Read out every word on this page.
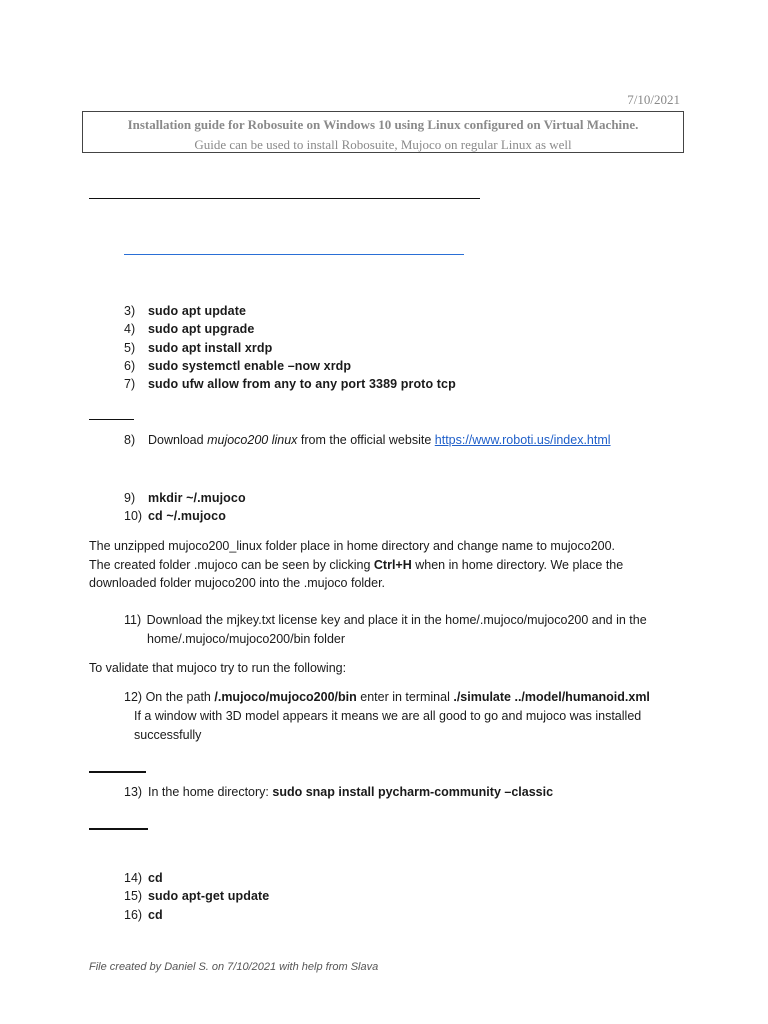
7/10/2021
Installation guide for Robosuite on Windows 10 using Linux configured on Virtual Machine.
Guide can be used to install Robosuite, Mujoco on regular Linux as well
3)	sudo apt update
4)	sudo apt upgrade
5)	sudo apt install xrdp
6)	sudo systemctl enable –now xrdp
7)	sudo ufw allow from any to any port 3389 proto tcp
8)	Download mujoco200 linux from the official website https://www.roboti.us/index.html
9)	mkdir ~/.mujoco
10) cd ~/.mujoco
The unzipped mujoco200_linux folder place in home directory and change name to mujoco200.
The created folder .mujoco can be seen by clicking Ctrl+H when in home directory. We place the
downloaded folder mujoco200 into the .mujoco folder.
11) Download the mjkey.txt license key and place it in the home/.mujoco/mujoco200 and in the
home/.mujoco/mujoco200/bin folder
To validate that mujoco try to run the following:
12) On the path /.mujoco/mujoco200/bin enter in terminal ./simulate ../model/humanoid.xml
If a window with 3D model appears it means we are all good to go and mujoco was installed
successfully
13) In the home directory: sudo snap install pycharm-community –classic
14) cd
15) sudo apt-get update
16) cd
File created by Daniel S. on 7/10/2021 with help from Slava
